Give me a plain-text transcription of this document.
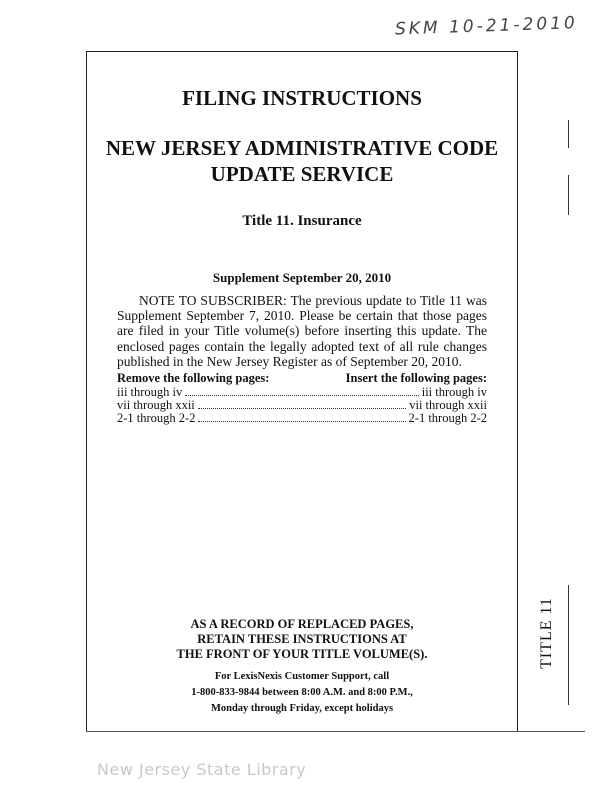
SKM 10-21-2010
FILING INSTRUCTIONS
NEW JERSEY ADMINISTRATIVE CODE
UPDATE SERVICE
Title 11. Insurance
Supplement September 20, 2010
NOTE TO SUBSCRIBER: The previous update to Title 11 was Supplement September 7, 2010. Please be certain that those pages are filed in your Title volume(s) before inserting this update. The enclosed pages contain the legally adopted text of all rule changes published in the New Jersey Register as of September 20, 2010.
Remove the following pages:	Insert the following pages:
iii through iv	iii through iv
vii through xxii	vii through xxii
2-1 through 2-2	2-1 through 2-2
AS A RECORD OF REPLACED PAGES,
RETAIN THESE INSTRUCTIONS AT
THE FRONT OF YOUR TITLE VOLUME(S).
For LexisNexis Customer Support, call
1-800-833-9844 between 8:00 A.M. and 8:00 P.M.,
Monday through Friday, except holidays
TITLE 11
New Jersey State Library
